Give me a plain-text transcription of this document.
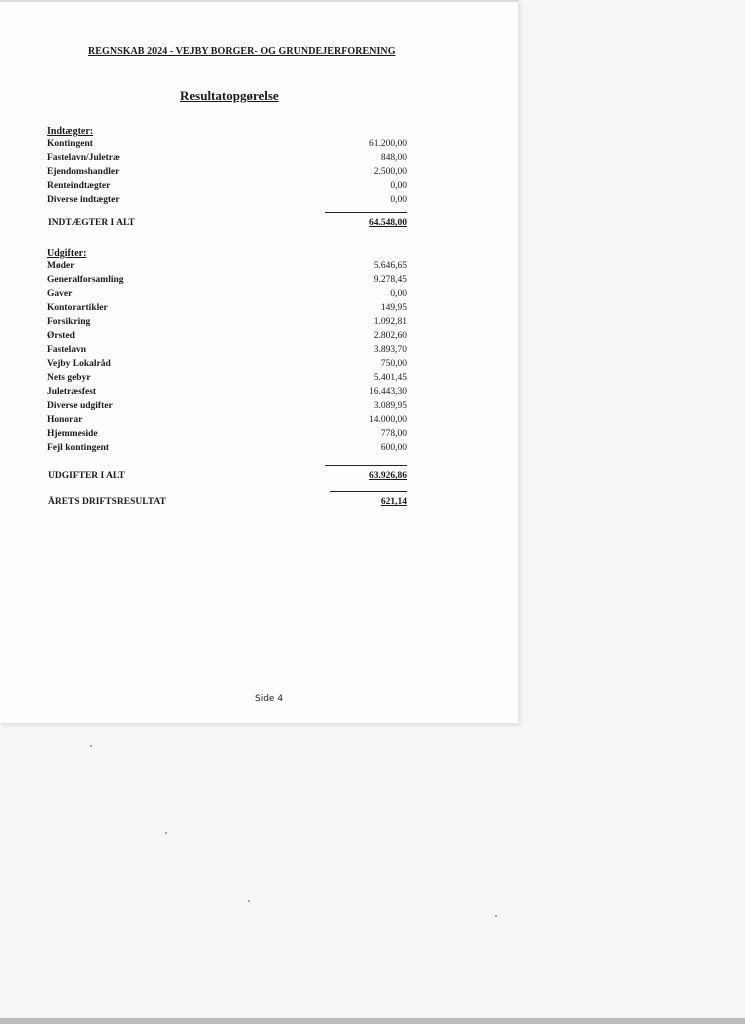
REGNSKAB 2024 - VEJBY BORGER- OG GRUNDEJERFORENING
Resultatopgørelse
Indtægter:
Kontingent	61.200,00
Fastelavn/Juletræ	848,00
Ejendomshandler	2.500,00
Renteindtægter	0,00
Diverse indtægter	0,00
INDTÆGTER I ALT	64.548,00
Udgifter:
Møder	5.646,65
Generalforsamling	9.278,45
Gaver	0,00
Kontorartikler	149,95
Forsikring	1.092,81
Ørsted	2.802,60
Fastelavn	3.893,70
Vejby Lokalråd	750,00
Nets gebyr	5.401,45
Juletræsfest	16.443,30
Diverse udgifter	3.089,95
Honorar	14.000,00
Hjemmeside	778,00
Fejl kontingent	600,00
UDGIFTER I ALT	63.926,86
ÅRETS DRIFTSRESULTAT	621,14
Side 4
